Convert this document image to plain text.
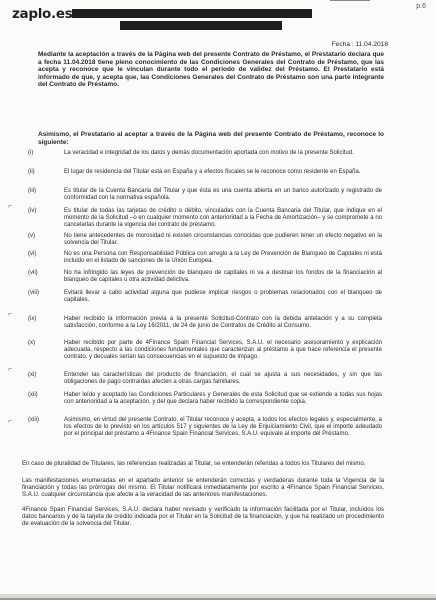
zaplo.es	p.6
Fecha : 11.04.2018

Mediante la aceptación a través de la Página web del presente Contrato de Préstamo, el Prestatario declara que a fecha 11.04.2018 tiene pleno conocimiento de las Condiciones Generales del Contrato de Préstamo, que las acepta y reconoce que le vinculan durante todo el período de validez del Préstamo. El Prestatario está informado de que, y acepta que, las Condiciones Generales del Contrato de Préstamo son una parte integrante del Contrato de Préstamo.

Asimismo, el Prestatario al aceptar a través de la Página web del presente Contrato de Préstamo, reconoce lo siguiente:

(i)	La veracidad e integridad de los datos y demás documentación aportada con motivo de la presente Solicitud.

(ii)	El lugar de residencia del Titular está en España y a efectos fiscales se le reconoce como residente en España.

(iii)	Es titular de la Cuenta Bancaria del Titular y que ésta es una cuenta abierta en un banco autorizado y registrado de conformidad con la normativa española.

(iv)	Es titular de todas las tarjetas de crédito o débito, vinculadas con la Cuenta Bancaria del Titular, que indique en el momento de la Solicitud –o en cualquier momento con anterioridad a la Fecha de Amortización– y se compromete a no cancelarlas durante la vigencia del contrato de préstamo.

(v)	No tiene antecedentes de morosidad ni existen circunstancias conocidas que pudieren tener un efecto negativo en la solvencia del Titular.

(vi)	No es una Persona con Responsabilidad Pública con arreglo a la Ley de Prevención de Blanqueo de Capitales ni está incluido en el listado de sanciones de la Unión Europea.

(vii)	No ha infringido las leyes de prevención de blanqueo de capitales ni va a destinar los fondos de la financiación al blanqueo de capitales u otra actividad delictiva.

(viii)	Evitará llevar a cabo actividad alguna que pudiese implicar riesgos o problemas relacionados con el blanqueo de capitales.

(ix)	Haber recibido la información previa a la presente Solicitud-Contrato con la debida antelación y a su completa satisfacción, conforme a la Ley 16/2011, de 24 de junio de Contratos de Crédito al Consumo.

(x)	Haber recibido por parte de 4Finance Spain Financial Services, S.A.U. el necesario asesoramiento y explicación adecuada, respecto a las condiciones fundamentales que caracterizan al préstamo a que hace referencia el presente contrato, y decuales serían las consecuencias en el supuesto de impago.

(xi)	Entender las características del producto de financiación, el cual se ajusta a sus necesidades, y sin que las obligaciones de pago contraídas afecten a otras cargas familiares.

(xii)	Haber leído y aceptado las Condiciones Particulares y Generales de esta Solicitud que se extiende a todas sus hojas con anterioridad a la aceptación, y del que declara haber recibido la correspondiente copia.

(xiii)	Asimismo, en virtud del presente Contrato, el Titular reconoce y acepta, a todos los efectos legales y, especialmente, a los efectos de lo previsto en los artículos 517 y siguientes de la Ley de Enjuiciamiento Civil, que el importe adeudado por el principal del préstamo a 4Finance Spain Financial Services, S.A.U. equivale al importe del Préstamo.

En caso de pluralidad de Titulares, las referencias realizadas al Titular, se entenderán referidas a todos los Titulares del mismo.

Las manifestaciones enumeradas en el apartado anterior se entenderán correctas y verdaderas durante toda la Vigencia de la financiación y todas las prórrogas del mismo. El Titular notificará inmediatamente por escrito a 4Finance Spain Financial Services, S.A.U. cualquier circunstancia que afecte a la veracidad de las anteriores manifestaciones.

4Finance Spain Financial Services, S.A.U. declara haber revisado y verificado la información facilitada por el Titular, incluidos los datos bancarios y de la tarjeta de crédito indicada por el Titular en la Solicitud de la financiación, y que ha realizado un procedimiento de evaluación de la solvencia del Titular.

⌐
⌐
⌐
⌐
